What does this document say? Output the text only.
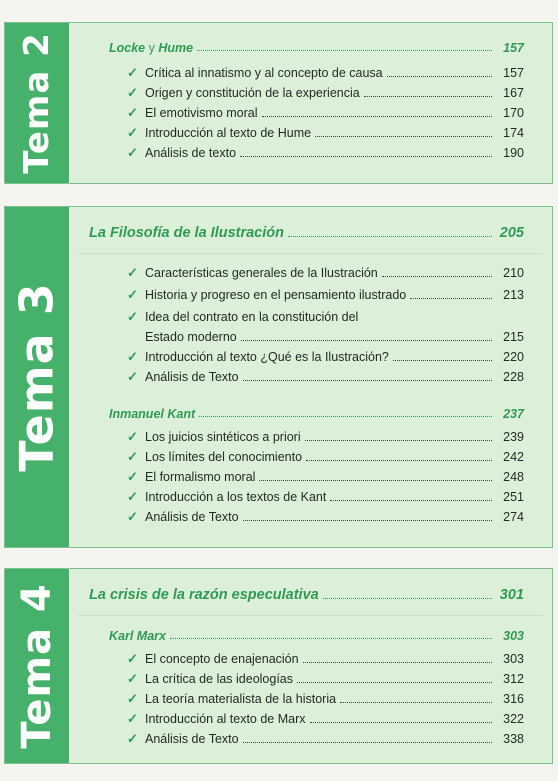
Tema 2	Locke y Hume	157
✓ Crítica al innatismo y al concepto de causa	157
✓ Origen y constitución de la experiencia	167
✓ El emotivismo moral	170
✓ Introducción al texto de Hume	174
✓ Análisis de texto	190
Tema 3
La Filosofía de la Ilustración	205
✓ Características generales de la Ilustración	210
✓ Historia y progreso en el pensamiento ilustrado	213
✓ Idea del contrato en la constitución del
Estado moderno	215
✓ Introducción al texto ¿Qué es la Ilustración?	220
✓ Análisis de Texto	228
Inmanuel Kant	237
✓ Los juicios sintéticos a priori	239
✓ Los límites del conocimiento	242
✓ El formalismo moral	248
✓ Introducción a los textos de Kant	251
✓ Análisis de Texto	274
Tema 4 La crisis de la razón especulativa	301
Karl Marx	303
✓ El concepto de enajenación	303
✓ La crítica de las ideologías	312
✓ La teoría materialista de la historia	316
✓ Introducción al texto de Marx	322
✓ Análisis de Texto	338
